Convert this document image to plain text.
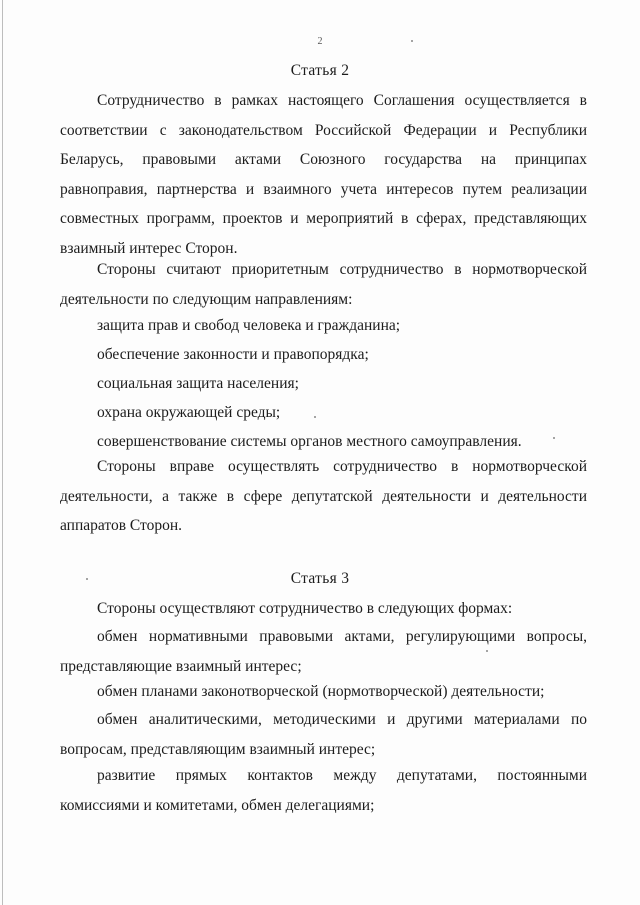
2
Статья 2

Сотрудничество в рамках настоящего Соглашения осуществляется в соответствии с законодательством Российской Федерации и Республики Беларусь, правовыми актами Союзного государства на принципах равноправия, партнерства и взаимного учета интересов путем реализации совместных программ, проектов и мероприятий в сферах, представляющих взаимный интерес Сторон.

Стороны считают приоритетным сотрудничество в нормотворческой деятельности по следующим направлениям:

защита прав и свобод человека и гражданина;

обеспечение законности и правопорядка;

социальная защита населения;

охрана окружающей среды;

совершенствование системы органов местного самоуправления.

Стороны вправе осуществлять сотрудничество в нормотворческой деятельности, а также в сфере депутатской деятельности и деятельности аппаратов Сторон.

Статья 3

Стороны осуществляют сотрудничество в следующих формах:

обмен нормативными правовыми актами, регулирующими вопросы, представляющие взаимный интерес;

обмен планами законотворческой (нормотворческой) деятельности;

обмен аналитическими, методическими и другими материалами по вопросам, представляющим взаимный интерес;

развитие прямых контактов между депутатами, постоянными комиссиями и комитетами, обмен делегациями;
